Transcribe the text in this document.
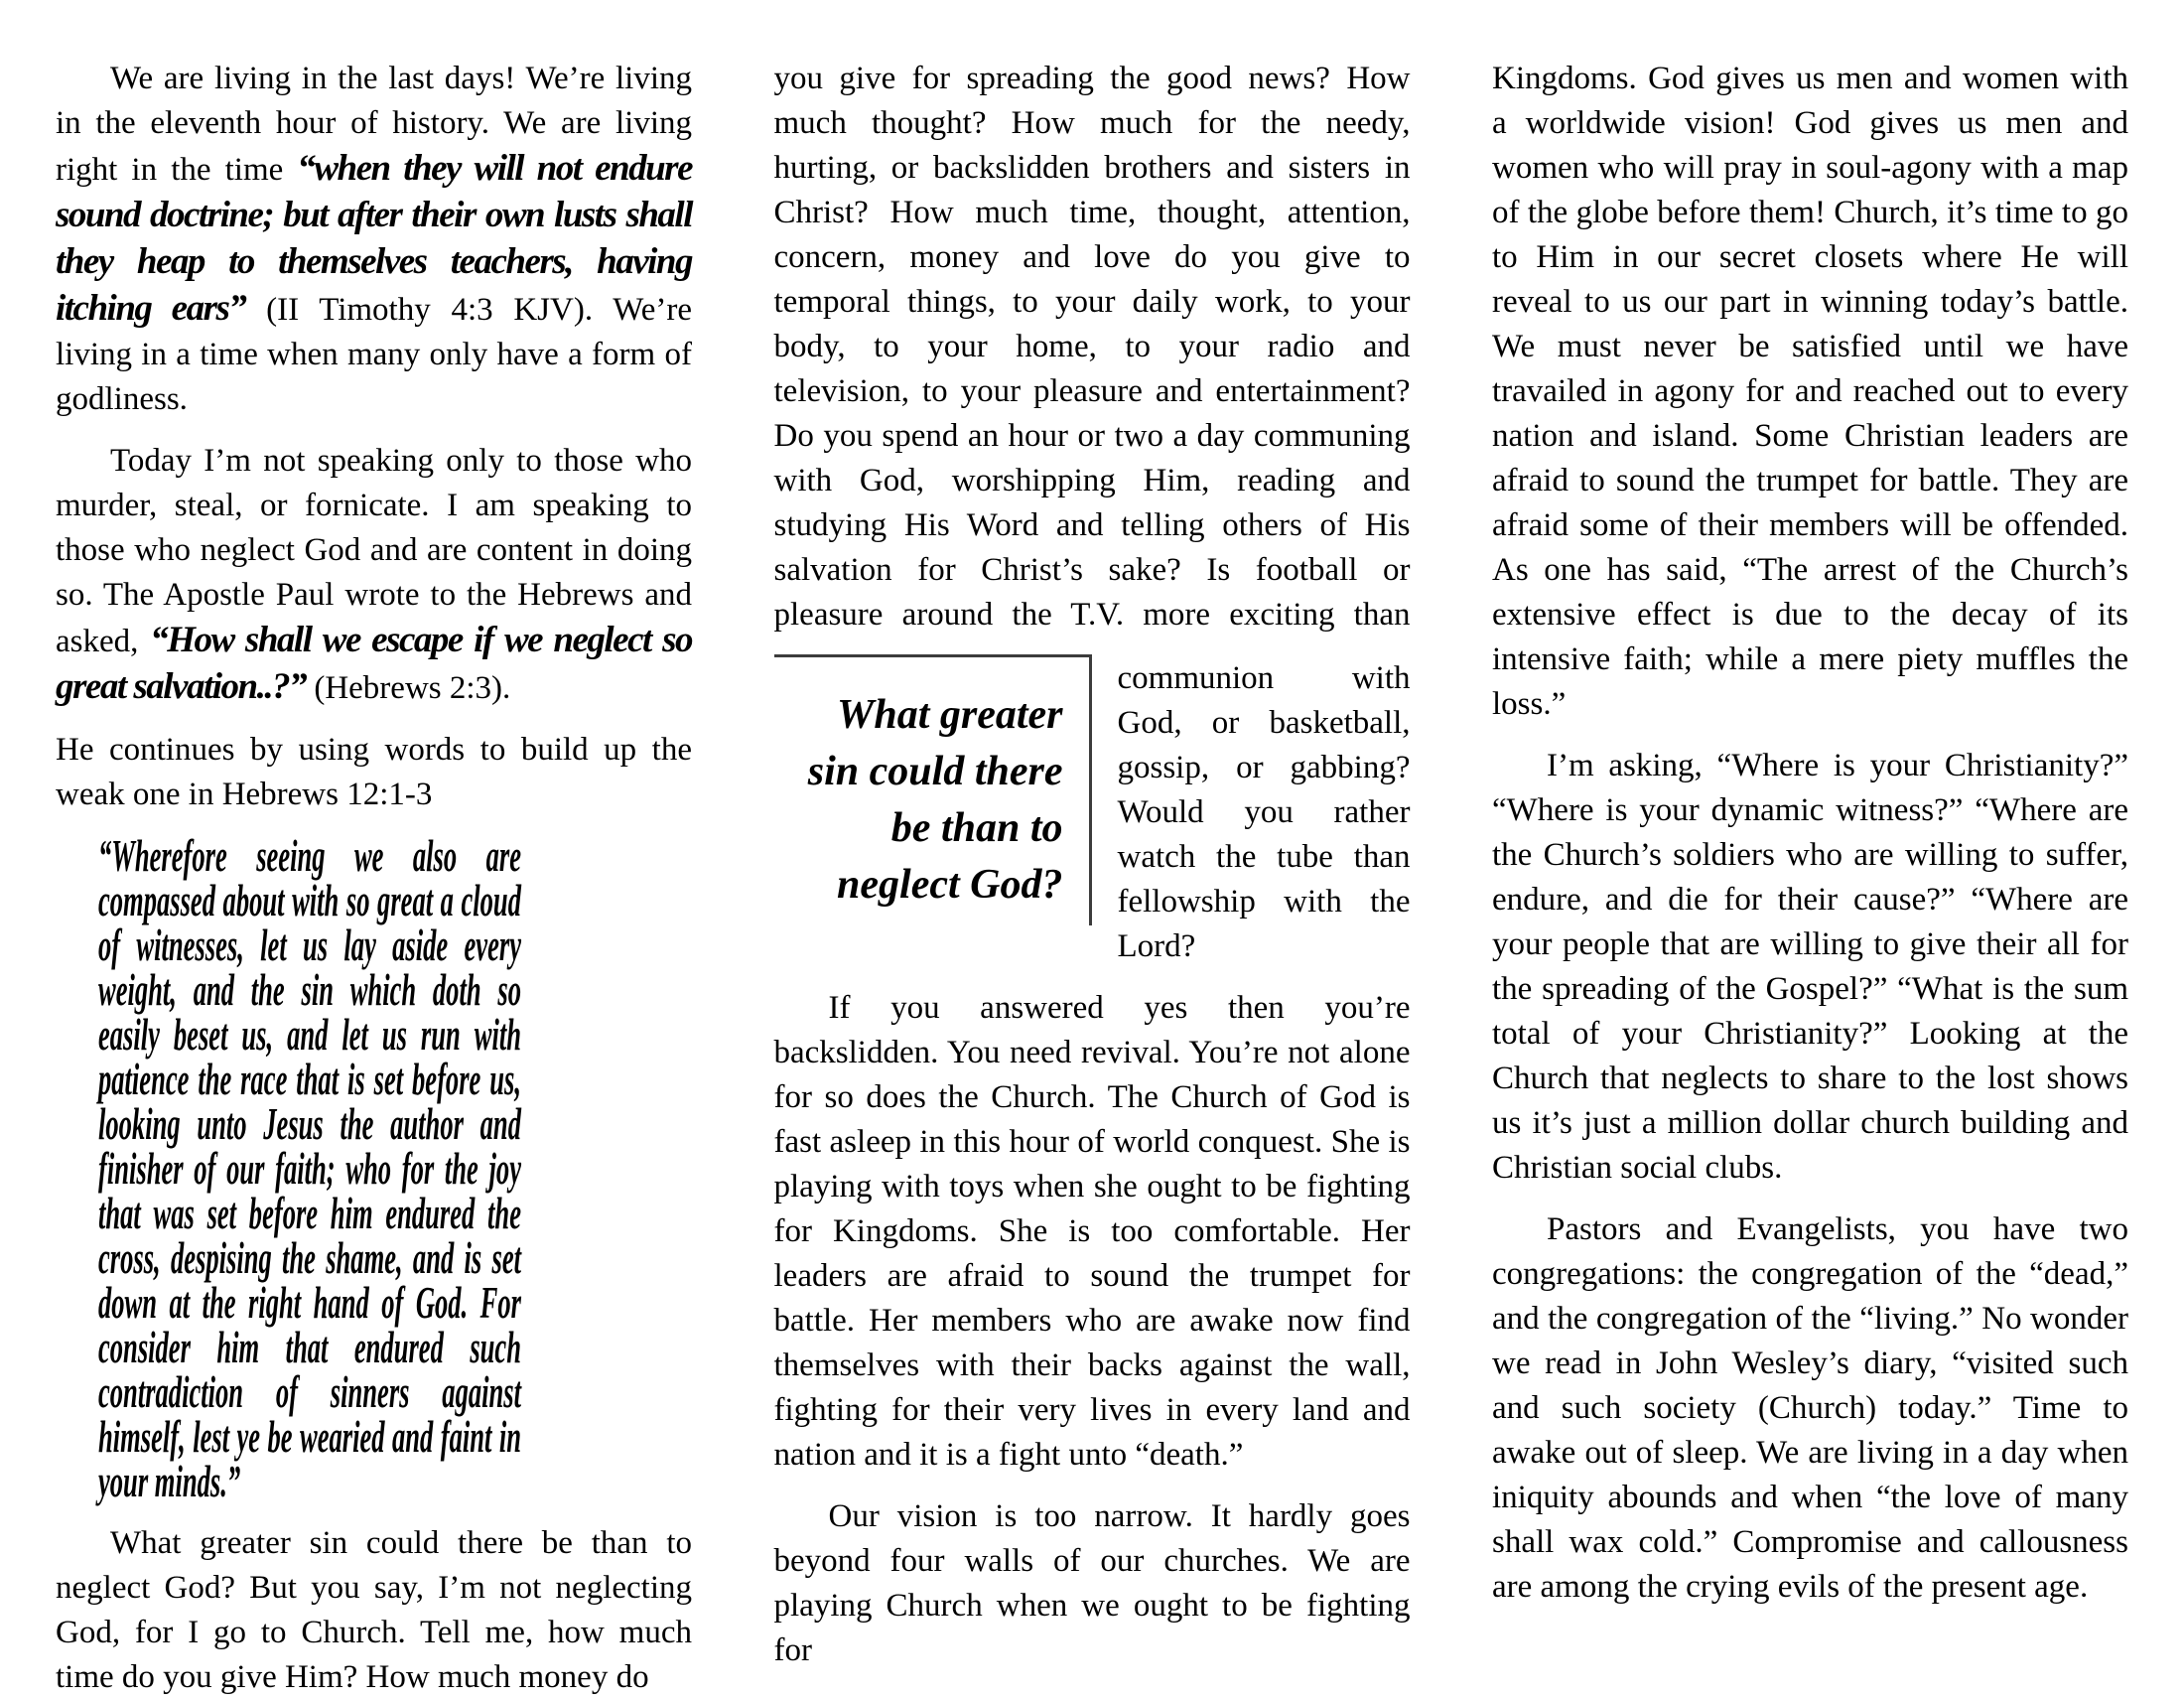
We are living in the last days! We’re living in the eleventh hour of history. We are living right in the time “when they will not endure sound doctrine; but after their own lusts shall they heap to themselves teachers, having itching ears” (II Timothy 4:3 KJV). We’re living in a time when many only have a form of godliness.

Today I’m not speaking only to those who murder, steal, or fornicate. I am speaking to those who neglect God and are content in doing so. The Apostle Paul wrote to the Hebrews and asked, “How shall we escape if we neglect so great salvation..?” (Hebrews 2:3).

He continues by using words to build up the weak one in Hebrews 12:1-3

“Wherefore seeing we also are compassed about with so great a cloud of witnesses, let us lay aside every weight, and the sin which doth so easily beset us, and let us run with patience the race that is set before us, looking unto Jesus the author and finisher of our faith; who for the joy that was set before him endured the cross, despising the shame, and is set down at the right hand of God. For consider him that endured such contradiction of sinners against himself, lest ye be wearied and faint in your minds.”

What greater sin could there be than to neglect God? But you say, I’m not neglecting God, for I go to Church. Tell me, how much time do you give Him? How much money do

you give for spreading the good news? How much thought? How much for the needy, hurting, or backslidden brothers and sisters in Christ? How much time, thought, attention, concern, money and love do you give to temporal things, to your daily work, to your body, to your home, to your radio and television, to your pleasure and entertainment? Do you spend an hour or two a day communing with God, worshipping Him, reading and studying His Word and telling others of His salvation for Christ’s sake? Is football or pleasure around the T.V. more exciting than

What greater
sin could there
be than to
neglect God?
communion with God, or basketball, gossip, or gabbing? Would you rather watch the tube than fellowship with the Lord?

If you answered yes then you’re backslidden. You need revival. You’re not alone for so does the Church. The Church of God is fast asleep in this hour of world conquest. She is playing with toys when she ought to be fighting for Kingdoms. She is too comfortable. Her leaders are afraid to sound the trumpet for battle. Her members who are awake now find themselves with their backs against the wall, fighting for their very lives in every land and nation and it is a fight unto “death.”

Our vision is too narrow. It hardly goes beyond four walls of our churches. We are playing Church when we ought to be fighting for

Kingdoms. God gives us men and women with a worldwide vision! God gives us men and women who will pray in soul-agony with a map of the globe before them! Church, it’s time to go to Him in our secret closets where He will reveal to us our part in winning today’s battle. We must never be satisfied until we have travailed in agony for and reached out to every nation and island. Some Christian leaders are afraid to sound the trumpet for battle. They are afraid some of their members will be offended. As one has said, “The arrest of the Church’s extensive effect is due to the decay of its intensive faith; while a mere piety muffles the loss.”

I’m asking, “Where is your Christianity?” “Where is your dynamic witness?” “Where are the Church’s soldiers who are willing to suffer, endure, and die for their cause?” “Where are your people that are willing to give their all for the spreading of the Gospel?” “What is the sum total of your Christianity?” Looking at the Church that neglects to share to the lost shows us it’s just a million dollar church building and Christian social clubs.

Pastors and Evangelists, you have two congregations: the congregation of the “dead,” and the congregation of the “living.” No wonder we read in John Wesley’s diary, “visited such and such society (Church) today.” Time to awake out of sleep. We are living in a day when iniquity abounds and when “the love of many shall wax cold.” Compromise and callousness are among the crying evils of the present age.
